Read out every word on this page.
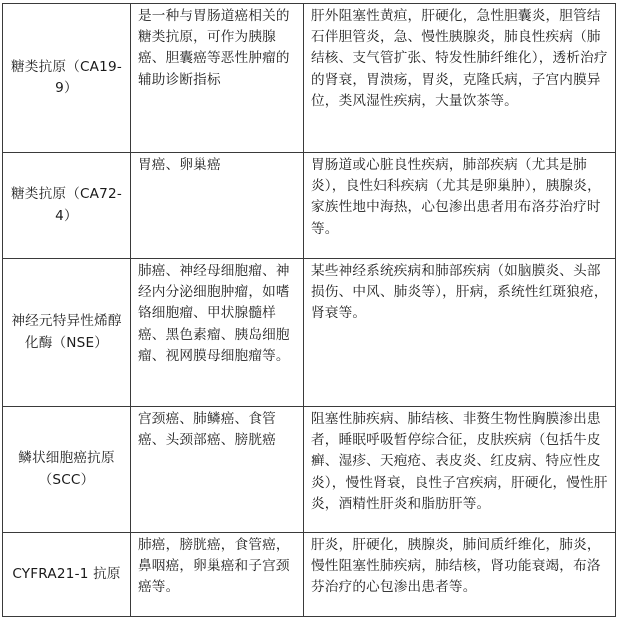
糖类抗原（CA19-9）	是一种与胃肠道癌相关的糖类抗原，可作为胰腺癌、胆囊癌等恶性肿瘤的辅助诊断指标	肝外阻塞性黄疸，肝硬化，急性胆囊炎，胆管结石伴胆管炎，急、慢性胰腺炎，肺良性疾病（肺结核、支气管扩张、特发性肺纤维化），透析治疗的肾衰，胃溃疡，胃炎，克隆氏病，子宫内膜异位，类风湿性疾病，大量饮茶等。
糖类抗原（CA72-4）	胃癌、卵巢癌	胃肠道或心脏良性疾病，肺部疾病（尤其是肺炎），良性妇科疾病（尤其是卵巢肿），胰腺炎，家族性地中海热，心包渗出患者用布洛芬治疗时等。
神经元特异性烯醇化酶（NSE）	肺癌、神经母细胞瘤、神经内分泌细胞肿瘤，如嗜铬细胞瘤、甲状腺髓样癌、黑色素瘤、胰岛细胞瘤、视网膜母细胞瘤等。	某些神经系统疾病和肺部疾病（如脑膜炎、头部损伤、中风、肺炎等），肝病，系统性红斑狼疮，肾衰等。
鳞状细胞癌抗原（SCC）	宫颈癌、肺鳞癌、食管癌、头颈部癌、膀胱癌	阻塞性肺疾病、肺结核、非赘生物性胸膜渗出患者，睡眠呼吸暂停综合征，皮肤疾病（包括牛皮癣、湿疹、天疱疮、表皮炎、红皮病、特应性皮炎），慢性肾衰，良性子宫疾病，肝硬化，慢性肝炎，酒精性肝炎和脂肪肝等。
CYFRA21-1 抗原	肺癌，膀胱癌，食管癌，鼻咽癌，卵巢癌和子宫颈癌等。	肝炎，肝硬化，胰腺炎，肺间质纤维化，肺炎，慢性阻塞性肺疾病，肺结核，肾功能衰竭，布洛芬治疗的心包渗出患者等。
